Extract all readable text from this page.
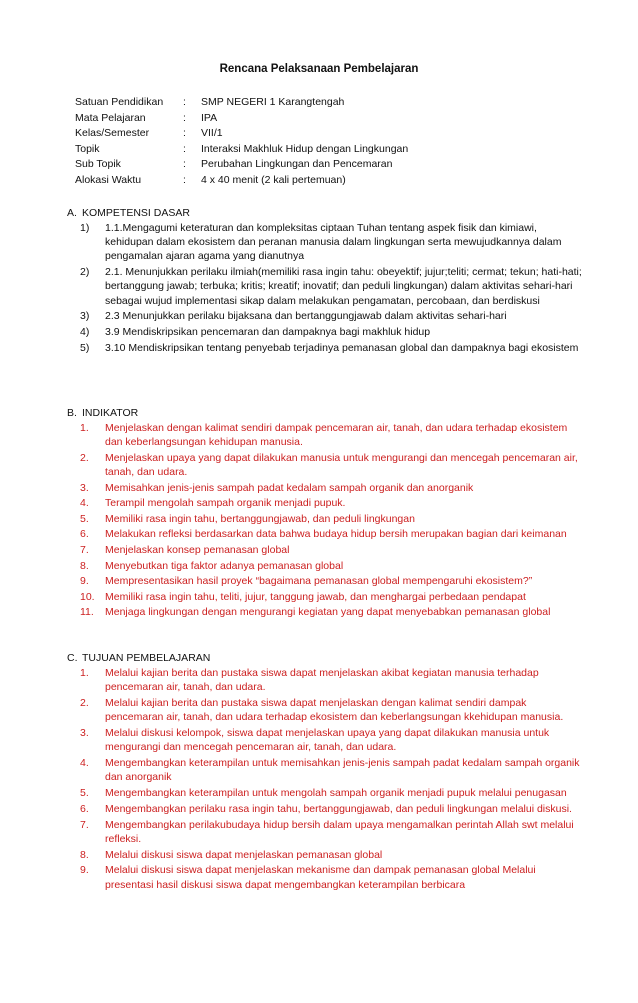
Rencana Pelaksanaan Pembelajaran
Satuan Pendidikan	:	SMP NEGERI 1 Karangtengah
Mata Pelajaran	:	IPA
Kelas/Semester	:	VII/1
Topik	:	Interaksi Makhluk Hidup dengan Lingkungan
Sub Topik	:	Perubahan Lingkungan dan Pencemaran
Alokasi Waktu	:	4 x 40 menit (2 kali pertemuan)
A. KOMPETENSI DASAR
1)	1.1.Mengagumi keteraturan dan kompleksitas ciptaan Tuhan tentang aspek fisik dan kimiawi, kehidupan dalam ekosistem dan peranan manusia dalam lingkungan serta mewujudkannya dalam pengamalan ajaran agama yang dianutnya
2)	2.1. Menunjukkan perilaku ilmiah(memiliki rasa ingin tahu: obeyektif; jujur;teliti; cermat; tekun; hati-hati; bertanggung jawab; terbuka; kritis; kreatif; inovatif; dan peduli lingkungan) dalam aktivitas sehari-hari sebagai wujud implementasi sikap dalam melakukan pengamatan, percobaan, dan berdiskusi
3)	2.3 Menunjukkan perilaku bijaksana dan bertanggungjawab dalam aktivitas sehari-hari
4)	3.9 Mendiskripsikan pencemaran dan dampaknya bagi makhluk hidup
5)	3.10 Mendiskripsikan tentang penyebab terjadinya pemanasan global dan dampaknya bagi ekosistem
B. INDIKATOR
1.	Menjelaskan dengan kalimat sendiri dampak pencemaran air, tanah, dan udara terhadap ekosistem dan keberlangsungan kehidupan manusia.
2.	Menjelaskan upaya yang dapat dilakukan manusia untuk mengurangi dan mencegah pencemaran air, tanah, dan udara.
3.	Memisahkan jenis-jenis sampah padat kedalam sampah organik dan anorganik
4.	Terampil mengolah sampah organik menjadi pupuk.
5.	Memiliki rasa ingin tahu, bertanggungjawab, dan peduli lingkungan
6.	Melakukan refleksi berdasarkan data bahwa budaya hidup bersih merupakan bagian dari keimanan
7.	Menjelaskan konsep pemanasan global
8.	Menyebutkan tiga faktor adanya pemanasan global
9.	Mempresentasikan hasil proyek “bagaimana pemanasan global mempengaruhi ekosistem?”
10. Memiliki rasa ingin tahu, teliti, jujur, tanggung jawab, dan menghargai perbedaan pendapat
11.	Menjaga lingkungan dengan mengurangi kegiatan yang dapat menyebabkan pemanasan global
C. TUJUAN PEMBELAJARAN
1.	Melalui kajian berita dan pustaka siswa dapat menjelaskan akibat kegiatan manusia terhadap pencemaran air, tanah, dan udara.
2.	Melalui kajian berita dan pustaka siswa dapat menjelaskan dengan kalimat sendiri dampak pencemaran air, tanah, dan udara terhadap ekosistem dan keberlangsungan kkehidupan manusia.
3.	Melalui diskusi kelompok, siswa dapat menjelaskan upaya yang dapat dilakukan manusia untuk mengurangi dan mencegah pencemaran air, tanah, dan udara.
4.	Mengembangkan keterampilan untuk memisahkan jenis-jenis sampah padat kedalam sampah organik dan anorganik
5.	Mengembangkan keterampilan untuk mengolah sampah organik menjadi pupuk melalui penugasan
6.	Mengembangkan perilaku rasa ingin tahu, bertanggungjawab, dan peduli lingkungan melalui diskusi.
7.	Mengembangkan perilakubudaya hidup bersih dalam upaya mengamalkan perintah Allah swt melalui refleksi.
8.	Melalui diskusi siswa dapat menjelaskan pemanasan global
9.	Melalui diskusi siswa dapat menjelaskan mekanisme dan dampak pemanasan global Melalui presentasi hasil diskusi siswa dapat mengembangkan keterampilan berbicara
